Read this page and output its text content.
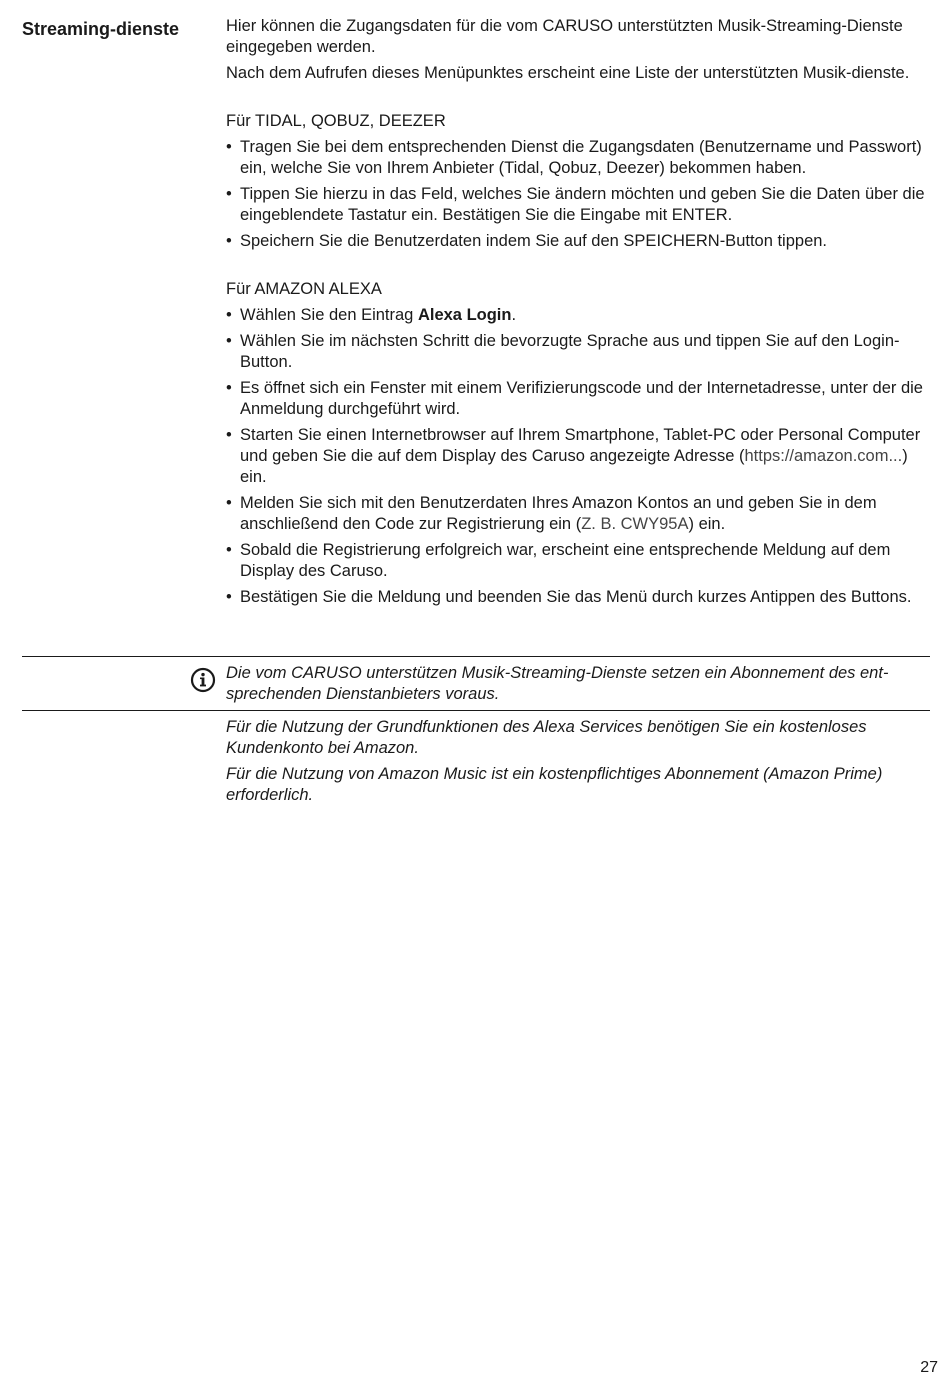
Streaming-dienste	Hier können die Zugangsdaten für die vom CARUSO unterstützten Musik-Streaming-Dienste eingegeben werden.

Nach dem Aufrufen dieses Menüpunktes erscheint eine Liste der unterstützten Musik-dienste.

Für TIDAL, QOBUZ, DEEZER

• Tragen Sie bei dem entsprechenden Dienst die Zugangsdaten (Benutzername und Passwort) ein, welche Sie von Ihrem Anbieter (Tidal, Qobuz, Deezer) bekommen haben.
• Tippen Sie hierzu in das Feld, welches Sie ändern möchten und geben Sie die Daten über die eingeblendete Tastatur ein. Bestätigen Sie die Eingabe mit ENTER.
• Speichern Sie die Benutzerdaten indem Sie auf den SPEICHERN-Button tippen.

Für AMAZON ALEXA

• Wählen Sie den Eintrag Alexa Login.
• Wählen Sie im nächsten Schritt die bevorzugte Sprache aus und tippen Sie auf den Login-Button.
• Es öffnet sich ein Fenster mit einem Verifizierungscode und der Internetadresse, unter der die Anmeldung durchgeführt wird.
• Starten Sie einen Internetbrowser auf Ihrem Smartphone, Tablet-PC oder Personal Computer und geben Sie die auf dem Display des Caruso angezeigte Adresse (https://amazon.com...) ein.
• Melden Sie sich mit den Benutzerdaten Ihres Amazon Kontos an und geben Sie in dem anschließend den Code zur Registrierung ein (Z. B. CWY95A) ein.
• Sobald die Registrierung erfolgreich war, erscheint eine entsprechende Meldung auf dem Display des Caruso.
• Bestätigen Sie die Meldung und beenden Sie das Menü durch kurzes Antippen des Buttons.

Die vom CARUSO unterstützen Musik-Streaming-Dienste setzen ein Abonnement des ent-sprechenden Dienstanbieters voraus.

Für die Nutzung der Grundfunktionen des Alexa Services benötigen Sie ein kostenloses Kundenkonto bei Amazon.

Für die Nutzung von Amazon Music ist ein kostenpflichtiges Abonnement (Amazon Prime) erforderlich.

27
